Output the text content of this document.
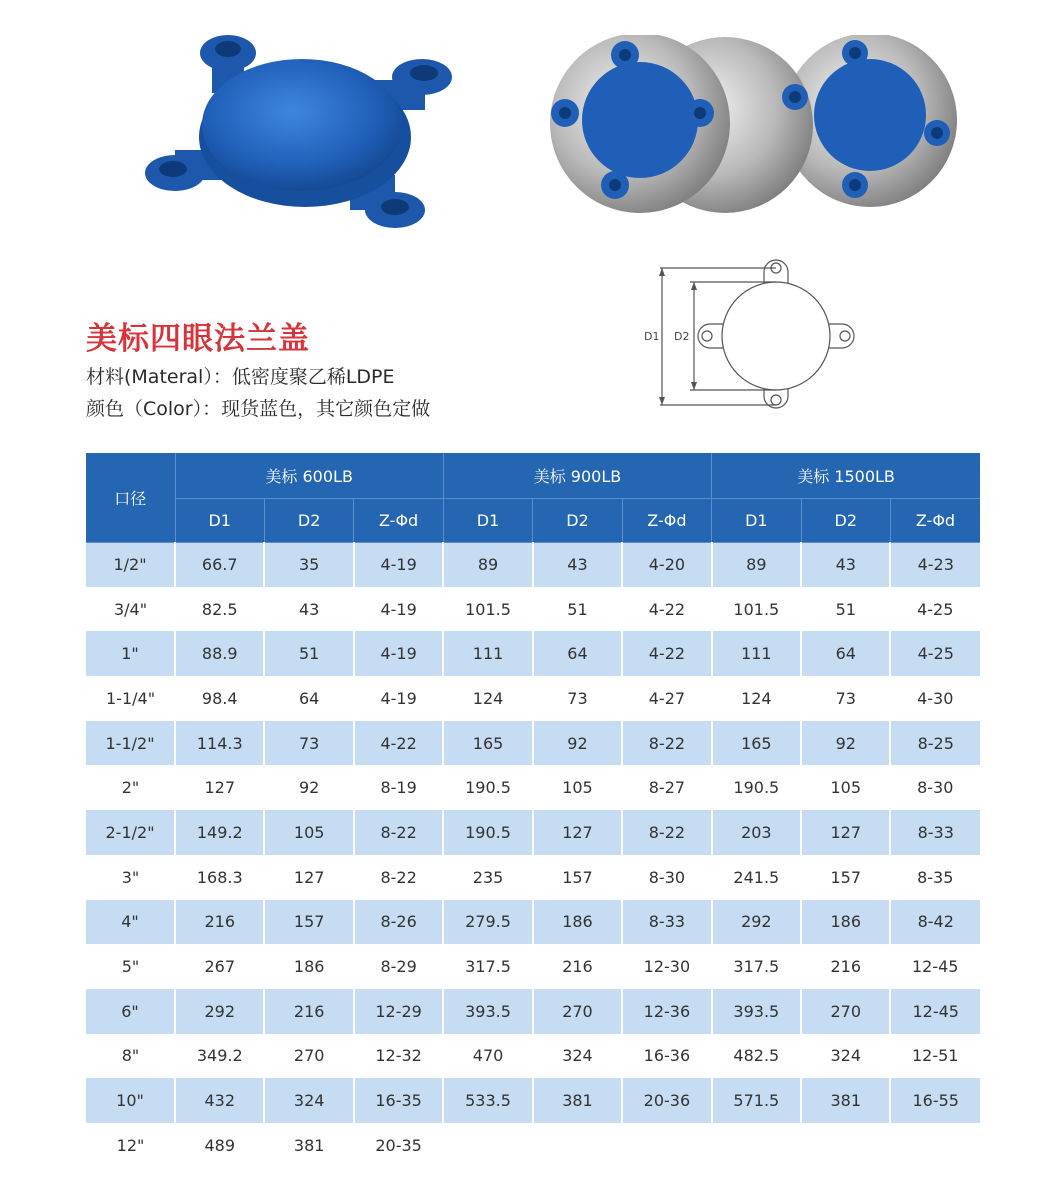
D1 D2
美标四眼法兰盖
材料(Materal）：低密度聚乙稀LDPE
颜色（Color）：现货蓝色，其它颜色定做
口径	美标 600LB			美标 900LB			美标 1500LB		
	D1	D2	Z-Φd	D1	D2	Z-Φd	D1	D2	Z-Φd
1/2"	66.7	35	4-19	89	43	4-20	89	43	4-23
3/4"	82.5	43	4-19	101.5	51	4-22	101.5	51	4-25
1"	88.9	51	4-19	111	64	4-22	111	64	4-25
1-1/4"	98.4	64	4-19	124	73	4-27	124	73	4-30
1-1/2"	114.3	73	4-22	165	92	8-22	165	92	8-25
2"	127	92	8-19	190.5	105	8-27	190.5	105	8-30
2-1/2"	149.2	105	8-22	190.5	127	8-22	203	127	8-33
3"	168.3	127	8-22	235	157	8-30	241.5	157	8-35
4"	216	157	8-26	279.5	186	8-33	292	186	8-42
5"	267	186	8-29	317.5	216	12-30	317.5	216	12-45
6"	292	216	12-29	393.5	270	12-36	393.5	270	12-45
8"	349.2	270	12-32	470	324	16-36	482.5	324	12-51
10"	432	324	16-35	533.5	381	20-36	571.5	381	16-55
12"	489	381	20-35						
